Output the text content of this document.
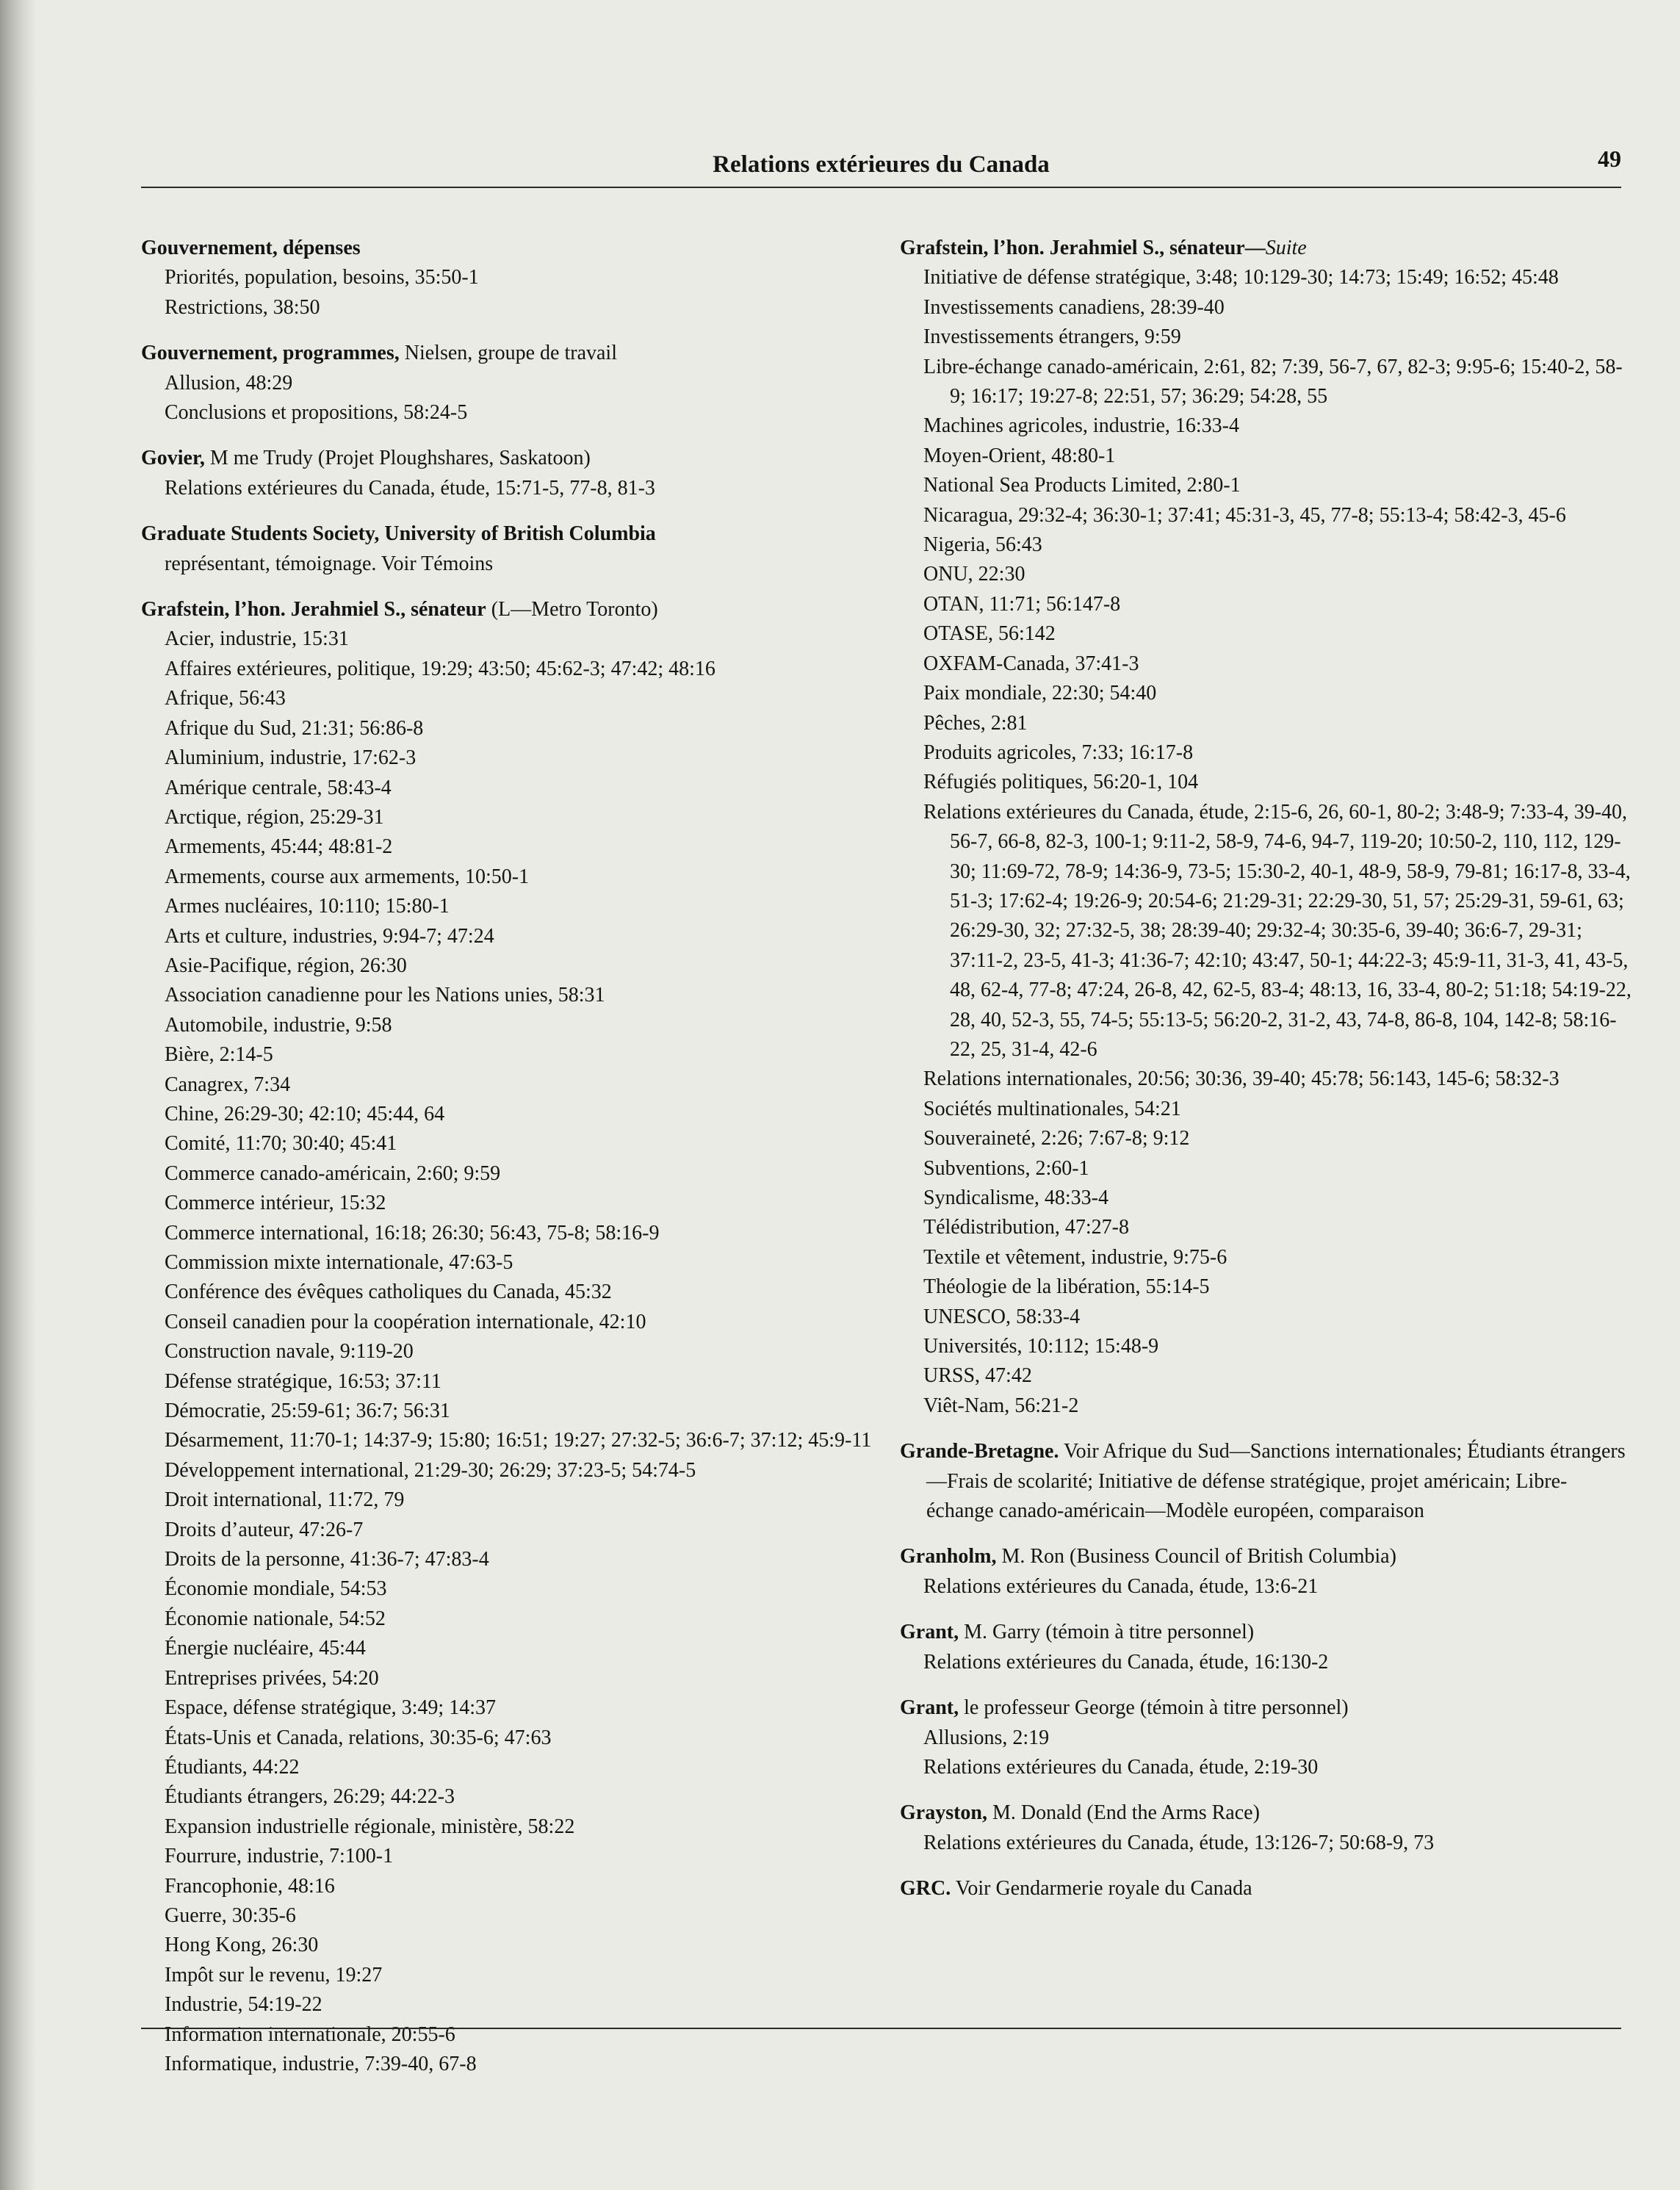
Relations extérieures du Canada	49
Gouvernement, dépenses
Priorités, population, besoins, 35:50-1
Restrictions, 38:50
Gouvernement, programmes, Nielsen, groupe de travail
Allusion, 48:29
Conclusions et propositions, 58:24-5
Govier, M me Trudy (Projet Ploughshares, Saskatoon)
Relations extérieures du Canada, étude, 15:71-5, 77-8, 81-3
Graduate Students Society, University of British Columbia
représentant, témoignage. Voir Témoins
Grafstein, l’hon. Jerahmiel S., sénateur (L—Metro Toronto)
Acier, industrie, 15:31
Affaires extérieures, politique, 19:29; 43:50; 45:62-3; 47:42; 48:16
Afrique, 56:43
Afrique du Sud, 21:31; 56:86-8
Aluminium, industrie, 17:62-3
Amérique centrale, 58:43-4
Arctique, région, 25:29-31
Armements, 45:44; 48:81-2
Armements, course aux armements, 10:50-1
Armes nucléaires, 10:110; 15:80-1
Arts et culture, industries, 9:94-7; 47:24
Asie-Pacifique, région, 26:30
Association canadienne pour les Nations unies, 58:31
Automobile, industrie, 9:58
Bière, 2:14-5
Canagrex, 7:34
Chine, 26:29-30; 42:10; 45:44, 64
Comité, 11:70; 30:40; 45:41
Commerce canado-américain, 2:60; 9:59
Commerce intérieur, 15:32
Commerce international, 16:18; 26:30; 56:43, 75-8; 58:16-9
Commission mixte internationale, 47:63-5
Conférence des évêques catholiques du Canada, 45:32
Conseil canadien pour la coopération internationale, 42:10
Construction navale, 9:119-20
Défense stratégique, 16:53; 37:11
Démocratie, 25:59-61; 36:7; 56:31
Désarmement, 11:70-1; 14:37-9; 15:80; 16:51; 19:27; 27:32-5; 36:6-7; 37:12; 45:9-11
Développement international, 21:29-30; 26:29; 37:23-5; 54:74-5
Droit international, 11:72, 79
Droits d’auteur, 47:26-7
Droits de la personne, 41:36-7; 47:83-4
Économie mondiale, 54:53
Économie nationale, 54:52
Énergie nucléaire, 45:44
Entreprises privées, 54:20
Espace, défense stratégique, 3:49; 14:37
États-Unis et Canada, relations, 30:35-6; 47:63
Étudiants, 44:22
Étudiants étrangers, 26:29; 44:22-3
Expansion industrielle régionale, ministère, 58:22
Fourrure, industrie, 7:100-1
Francophonie, 48:16
Guerre, 30:35-6
Hong Kong, 26:30
Impôt sur le revenu, 19:27
Industrie, 54:19-22
Information internationale, 20:55-6
Informatique, industrie, 7:39-40, 67-8
Grafstein, l’hon. Jerahmiel S., sénateur—Suite
Initiative de défense stratégique, 3:48; 10:129-30; 14:73; 15:49; 16:52; 45:48
Investissements canadiens, 28:39-40
Investissements étrangers, 9:59
Libre-échange canado-américain, 2:61, 82; 7:39, 56-7, 67, 82-3; 9:95-6; 15:40-2, 58-9; 16:17; 19:27-8; 22:51, 57; 36:29; 54:28, 55
Machines agricoles, industrie, 16:33-4
Moyen-Orient, 48:80-1
National Sea Products Limited, 2:80-1
Nicaragua, 29:32-4; 36:30-1; 37:41; 45:31-3, 45, 77-8; 55:13-4; 58:42-3, 45-6
Nigeria, 56:43
ONU, 22:30
OTAN, 11:71; 56:147-8
OTASE, 56:142
OXFAM-Canada, 37:41-3
Paix mondiale, 22:30; 54:40
Pêches, 2:81
Produits agricoles, 7:33; 16:17-8
Réfugiés politiques, 56:20-1, 104
Relations extérieures du Canada, étude, 2:15-6, 26, 60-1, 80-2; 3:48-9; 7:33-4, 39-40, 56-7, 66-8, 82-3, 100-1; 9:11-2, 58-9, 74-6, 94-7, 119-20; 10:50-2, 110, 112, 129-30; 11:69-72, 78-9; 14:36-9, 73-5; 15:30-2, 40-1, 48-9, 58-9, 79-81; 16:17-8, 33-4, 51-3; 17:62-4; 19:26-9; 20:54-6; 21:29-31; 22:29-30, 51, 57; 25:29-31, 59-61, 63; 26:29-30, 32; 27:32-5, 38; 28:39-40; 29:32-4; 30:35-6, 39-40; 36:6-7, 29-31; 37:11-2, 23-5, 41-3; 41:36-7; 42:10; 43:47, 50-1; 44:22-3; 45:9-11, 31-3, 41, 43-5, 48, 62-4, 77-8; 47:24, 26-8, 42, 62-5, 83-4; 48:13, 16, 33-4, 80-2; 51:18; 54:19-22, 28, 40, 52-3, 55, 74-5; 55:13-5; 56:20-2, 31-2, 43, 74-8, 86-8, 104, 142-8; 58:16-22, 25, 31-4, 42-6
Relations internationales, 20:56; 30:36, 39-40; 45:78; 56:143, 145-6; 58:32-3
Sociétés multinationales, 54:21
Souveraineté, 2:26; 7:67-8; 9:12
Subventions, 2:60-1
Syndicalisme, 48:33-4
Télédistribution, 47:27-8
Textile et vêtement, industrie, 9:75-6
Théologie de la libération, 55:14-5
UNESCO, 58:33-4
Universités, 10:112; 15:48-9
URSS, 47:42
Viêt-Nam, 56:21-2
Grande-Bretagne. Voir Afrique du Sud—Sanctions internationales; Étudiants étrangers—Frais de scolarité; Initiative de défense stratégique, projet américain; Libre-échange canado-américain—Modèle européen, comparaison
Granholm, M. Ron (Business Council of British Columbia)
Relations extérieures du Canada, étude, 13:6-21
Grant, M. Garry (témoin à titre personnel)
Relations extérieures du Canada, étude, 16:130-2
Grant, le professeur George (témoin à titre personnel)
Allusions, 2:19
Relations extérieures du Canada, étude, 2:19-30
Grayston, M. Donald (End the Arms Race)
Relations extérieures du Canada, étude, 13:126-7; 50:68-9, 73
GRC. Voir Gendarmerie royale du Canada
